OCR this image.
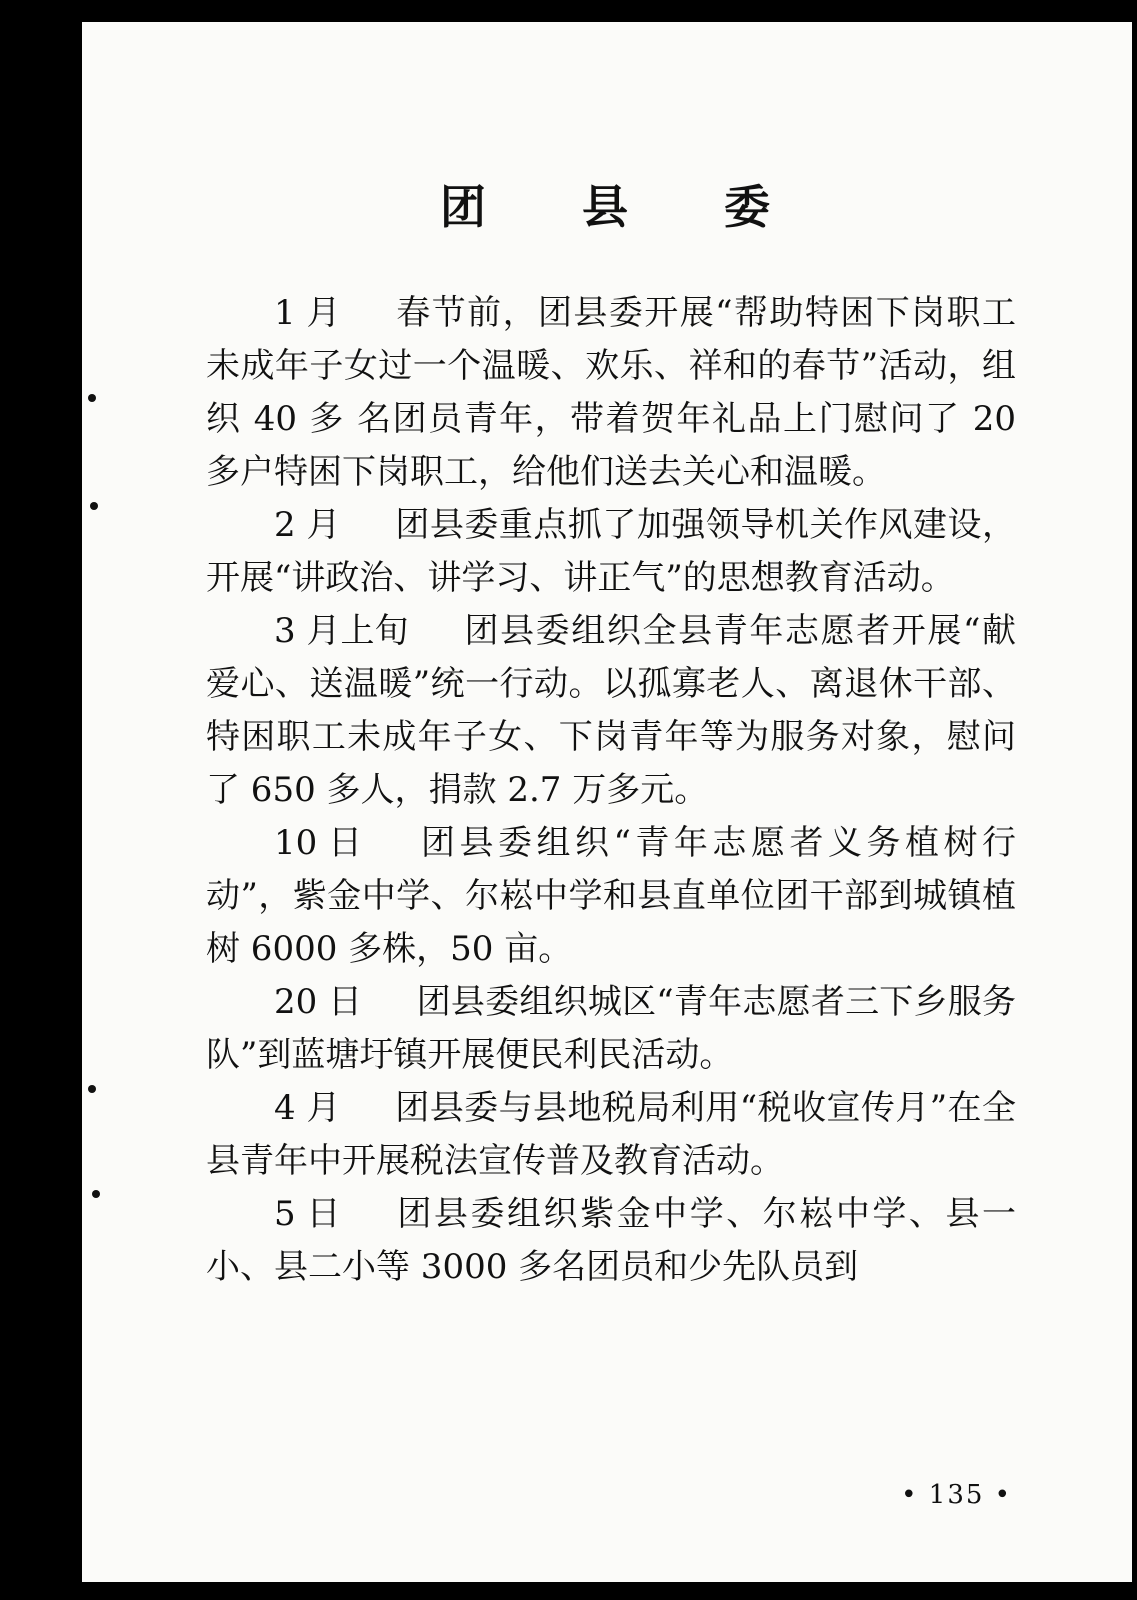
团 县 委

1 月 春节前，团县委开展“帮助特困下岗职工未成年子女过一个温暖、欢乐、祥和的春节”活动，组织 40 多 名团员青年，带着贺年礼品上门慰问了 20 多户特困下岗职工，给他们送去关心和温暖。

2 月 团县委重点抓了加强领导机关作风建设，开展“讲政治、讲学习、讲正气”的思想教育活动。

3 月上旬 团县委组织全县青年志愿者开展“献爱心、送温暖”统一行动。以孤寡老人、离退休干部、特困职工未成年子女、下岗青年等为服务对象，慰问了 650 多人，捐款 2.7 万多元。

10 日 团县委组织“青年志愿者义务植树行动”，紫金中学、尔崧中学和县直单位团干部到城镇植树 6000 多株，50 亩。

20 日 团县委组织城区“青年志愿者三下乡服务队”到蓝塘圩镇开展便民利民活动。

4 月 团县委与县地税局利用“税收宣传月”在全县青年中开展税法宣传普及教育活动。

5 日 团县委组织紫金中学、尔崧中学、县一小、县二小等 3000 多名团员和少先队员到

• 135 •
